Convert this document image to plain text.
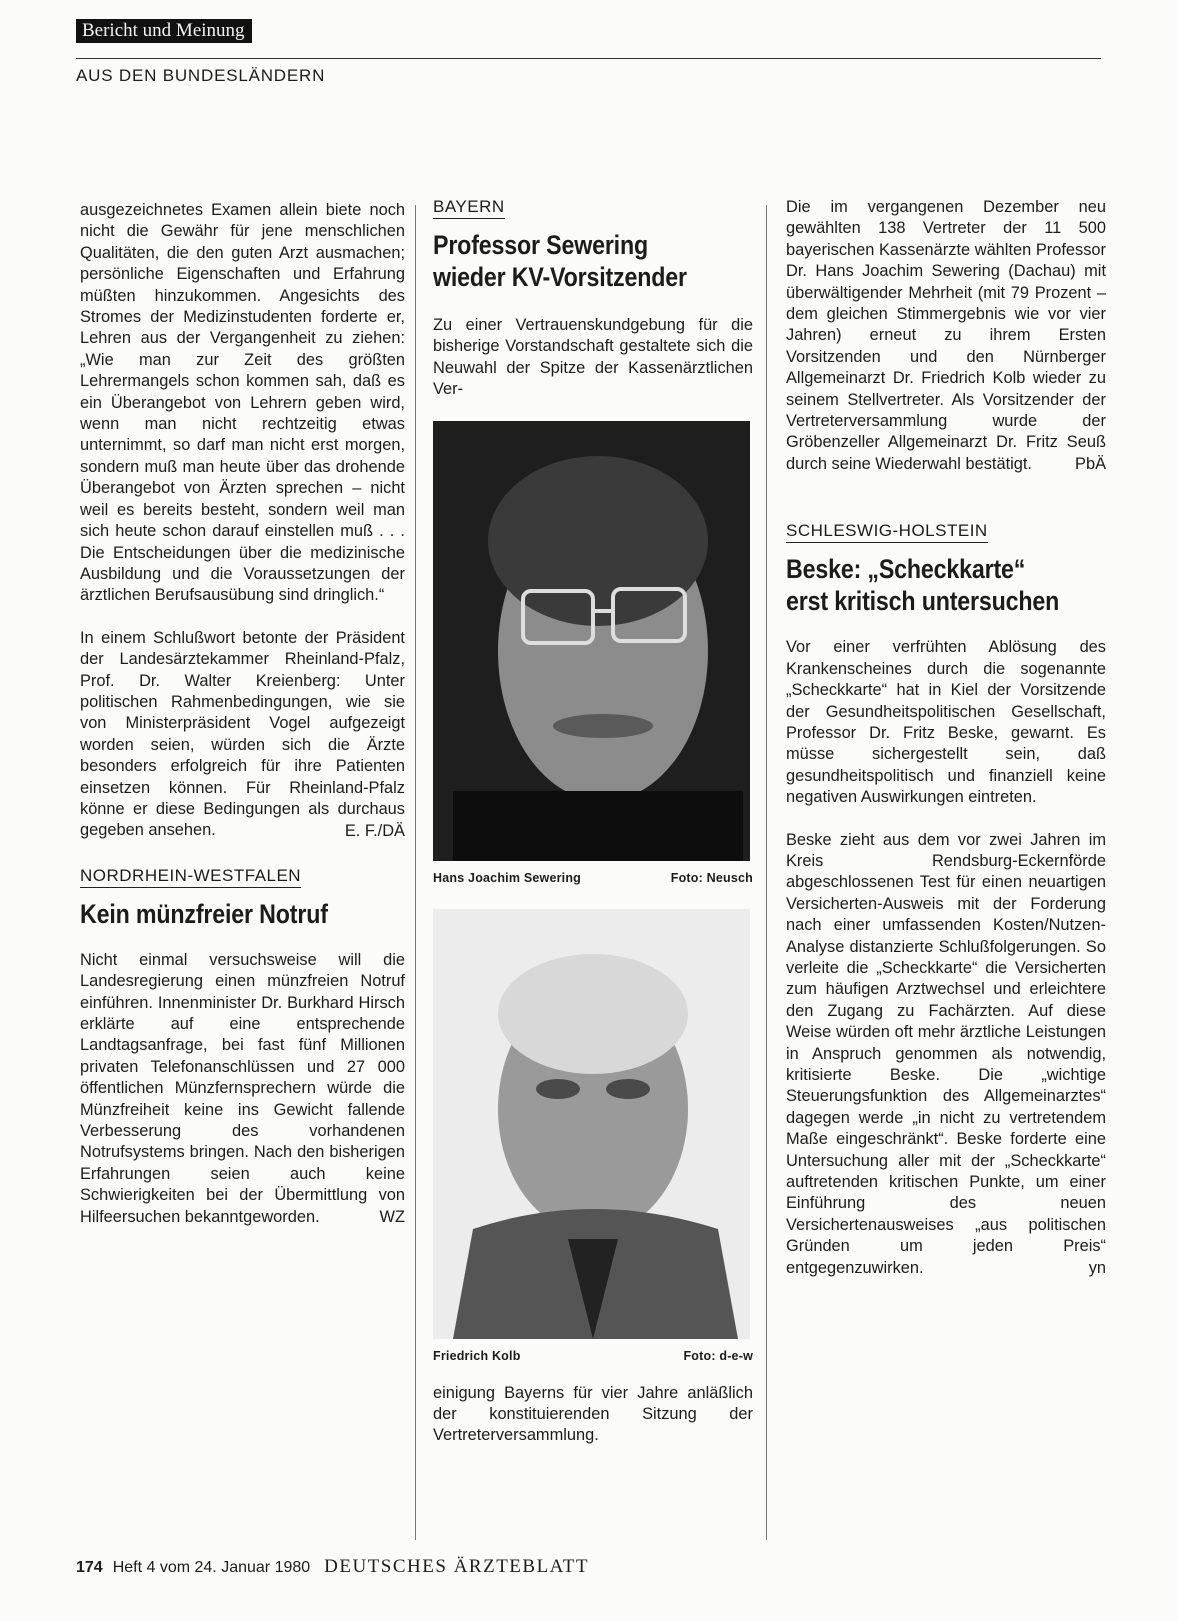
Bericht und Meinung
AUS DEN BUNDESLÄNDERN

ausgezeichnetes Examen allein biete noch nicht die Gewähr für jene menschlichen Qualitäten, die den guten Arzt ausmachen; persönliche Eigenschaften und Erfahrung müßten hinzukommen. Angesichts des Stromes der Medizinstudenten forderte er, Lehren aus der Vergangenheit zu ziehen: „Wie man zur Zeit des größten Lehrermangels schon kommen sah, daß es ein Überangebot von Lehrern geben wird, wenn man nicht rechtzeitig etwas unternimmt, so darf man nicht erst morgen, sondern muß man heute über das drohende Überangebot von Ärzten sprechen – nicht weil es bereits besteht, sondern weil man sich heute schon darauf einstellen muß . . . Die Entscheidungen über die medizinische Ausbildung und die Voraussetzungen der ärztlichen Berufsausübung sind dringlich.“

In einem Schlußwort betonte der Präsident der Landesärztekammer Rheinland-Pfalz, Prof. Dr. Walter Kreienberg: Unter politischen Rahmenbedingungen, wie sie von Ministerpräsident Vogel aufgezeigt worden seien, würden sich die Ärzte besonders erfolgreich für ihre Patienten einsetzen können. Für Rheinland-Pfalz könne er diese Bedingungen als durchaus gegeben ansehen.	E. F./DÄ
NORDRHEIN-WESTFALEN
Kein münzfreier Notruf

Nicht einmal versuchsweise will die Landesregierung einen münzfreien Notruf einführen. Innenminister Dr. Burkhard Hirsch erklärte auf eine entsprechende Landtagsanfrage, bei fast fünf Millionen privaten Telefonanschlüssen und 27 000 öffentlichen Münzfernsprechern würde die Münzfreiheit keine ins Gewicht fallende Verbesserung des vorhandenen Notrufsystems bringen. Nach den bisherigen Erfahrungen seien auch keine Schwierigkeiten bei der Übermittlung von Hilfeersuchen bekanntgeworden.	WZ
BAYERN
Professor Sewering
wieder KV-Vorsitzender

Zu einer Vertrauenskundgebung für die bisherige Vorstandschaft gestaltete sich die Neuwahl der Spitze der Kassenärztlichen Ver-

Hans Joachim Sewering	Foto: Neusch
Friedrich Kolb	Foto: d-e-w

einigung Bayerns für vier Jahre anläßlich der konstituierenden Sitzung der Vertreterversammlung.

Die im vergangenen Dezember neu gewählten 138 Vertreter der 11 500 bayerischen Kassenärzte wählten Professor Dr. Hans Joachim Sewering (Dachau) mit überwältigender Mehrheit (mit 79 Prozent – dem gleichen Stimmergebnis wie vor vier Jahren) erneut zu ihrem Ersten Vorsitzenden und den Nürnberger Allgemeinarzt Dr. Friedrich Kolb wieder zu seinem Stellvertreter. Als Vorsitzender der Vertreterversammlung wurde der Gröbenzeller Allgemeinarzt Dr. Fritz Seuß durch seine Wiederwahl bestätigt.	PbÄ
SCHLESWIG-HOLSTEIN
Beske: „Scheckkarte“
erst kritisch untersuchen

Vor einer verfrühten Ablösung des Krankenscheines durch die sogenannte „Scheckkarte“ hat in Kiel der Vorsitzende der Gesundheitspolitischen Gesellschaft, Professor Dr. Fritz Beske, gewarnt. Es müsse sichergestellt sein, daß gesundheitspolitisch und finanziell keine negativen Auswirkungen eintreten.

Beske zieht aus dem vor zwei Jahren im Kreis Rendsburg-Eckernförde abgeschlossenen Test für einen neuartigen Versicherten-Ausweis mit der Forderung nach einer umfassenden Kosten/Nutzen-Analyse distanzierte Schlußfolgerungen. So verleite die „Scheckkarte“ die Versicherten zum häufigen Arztwechsel und erleichtere den Zugang zu Fachärzten. Auf diese Weise würden oft mehr ärztliche Leistungen in Anspruch genommen als notwendig, kritisierte Beske. Die „wichtige Steuerungsfunktion des Allgemeinarztes“ dagegen werde „in nicht zu vertretendem Maße eingeschränkt“. Beske forderte eine Untersuchung aller mit der „Scheckkarte“ auftretenden kritischen Punkte, um einer Einführung des neuen Versichertenausweises „aus politischen Gründen um jeden Preis“ entgegenzuwirken.	yn
174 Heft 4 vom 24. Januar 1980 DEUTSCHES ÄRZTEBLATT
